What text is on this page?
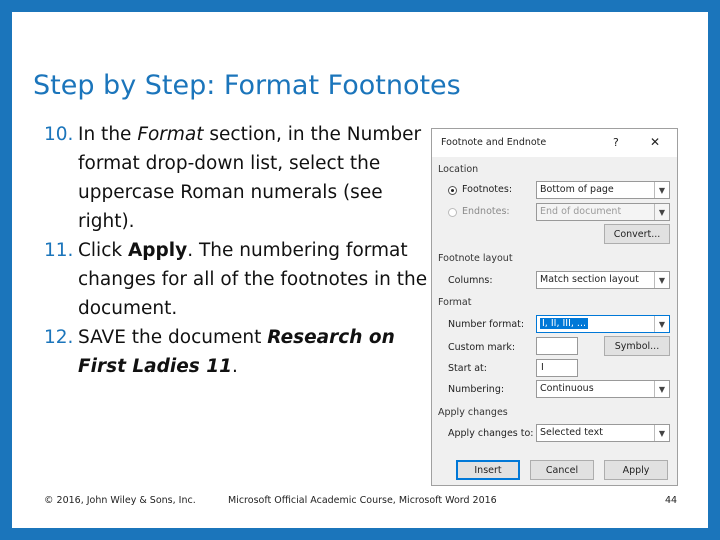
Step by Step: Format Footnotes
10. In the Format section, in the Number format drop-down list, select the uppercase Roman numerals (see right).
11. Click Apply. The numbering format changes for all of the footnotes in the document.
12. SAVE the document Research on First Ladies 11.
Footnote and Endnote	?	✕
Location
Footnotes:	Bottom of page	▼
Endnotes:	End of document	▼
Convert...
Footnote layout
Columns:	Match section layout	▼
Format
Number format: I, II, III, ...	▼
Custom mark:	Symbol...
Start at:	I
Numbering:	Continuous	▼
Apply changes
Apply changes to: Selected text	▼
Insert	Cancel	Apply
© 2016, John Wiley & Sons, Inc.	Microsoft Official Academic Course, Microsoft Word 2016	44
